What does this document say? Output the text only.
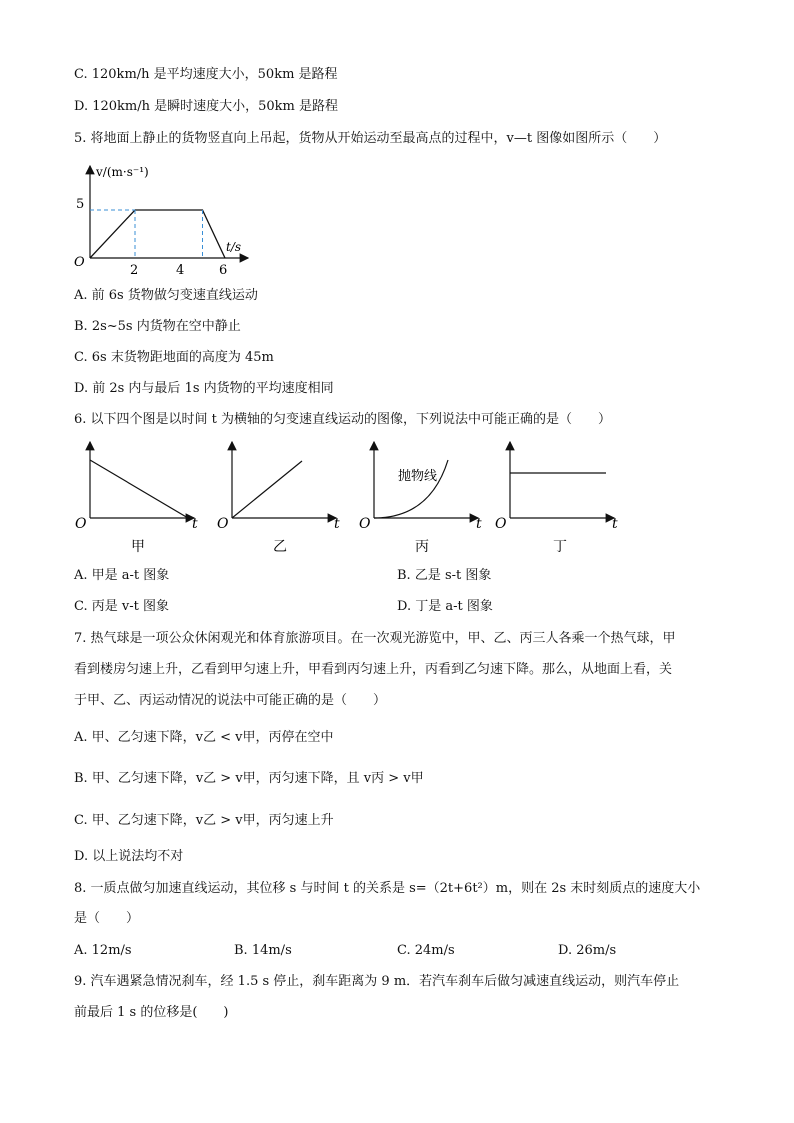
C. 120km/h 是平均速度大小，50km 是路程
D. 120km/h 是瞬时速度大小，50km 是路程
5. 将地面上静止的货物竖直向上吊起，货物从开始运动至最高点的过程中，v—t 图像如图所示（　　）
v/(m·s⁻¹)
t/s
O
5
2	4	6
A. 前 6s 货物做匀变速直线运动
B. 2s~5s 内货物在空中静止
C. 6s 末货物距地面的高度为 45m
D. 前 2s 内与最后 1s 内货物的平均速度相同
6. 以下四个图是以时间 t 为横轴的匀变速直线运动的图像，下列说法中可能正确的是（　　）
O	t
甲
O	t
乙
抛物线
O	t
丙
O	t
丁
A. 甲是 a-t 图象	B. 乙是 s-t 图象
C. 丙是 v-t 图象	D. 丁是 a-t 图象
7. 热气球是一项公众休闲观光和体育旅游项目。在一次观光游览中，甲、乙、丙三人各乘一个热气球，甲
看到楼房匀速上升，乙看到甲匀速上升，甲看到丙匀速上升，丙看到乙匀速下降。那么，从地面上看，关
于甲、乙、丙运动情况的说法中可能正确的是（　　）
A. 甲、乙匀速下降，v乙 < v甲，丙停在空中
B. 甲、乙匀速下降，v乙 > v甲，丙匀速下降，且 v丙 > v甲
C. 甲、乙匀速下降，v乙 > v甲，丙匀速上升
D. 以上说法均不对
8. 一质点做匀加速直线运动，其位移 s 与时间 t 的关系是 s=（2t+6t²）m，则在 2s 末时刻质点的速度大小
是（　　）
A. 12m/s	B. 14m/s	C. 24m/s	D. 26m/s
9. 汽车遇紧急情况刹车，经 1.5 s 停止，刹车距离为 9 m．若汽车刹车后做匀减速直线运动，则汽车停止
前最后 1 s 的位移是(　　)
